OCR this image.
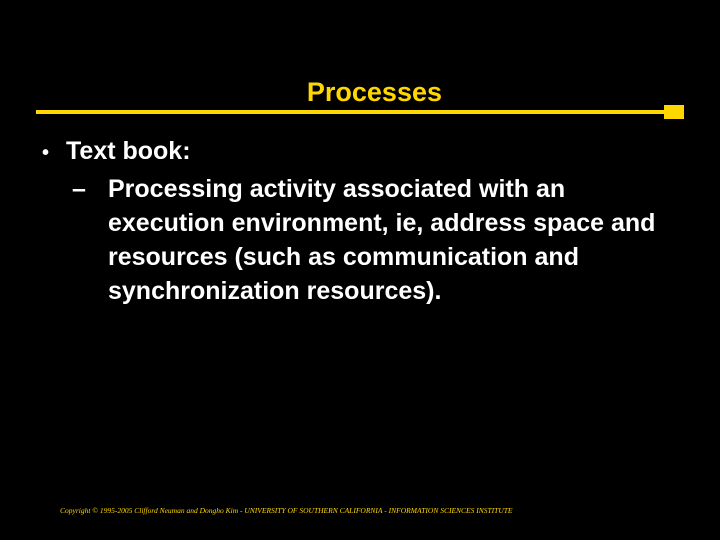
Processes
• Text book:
– Processing activity associated with an execution environment, ie, address space and resources (such as communication and synchronization resources).
Copyright © 1995-2005 Clifford Neuman and Dongho Kim - UNIVERSITY OF SOUTHERN CALIFORNIA - INFORMATION SCIENCES INSTITUTE
